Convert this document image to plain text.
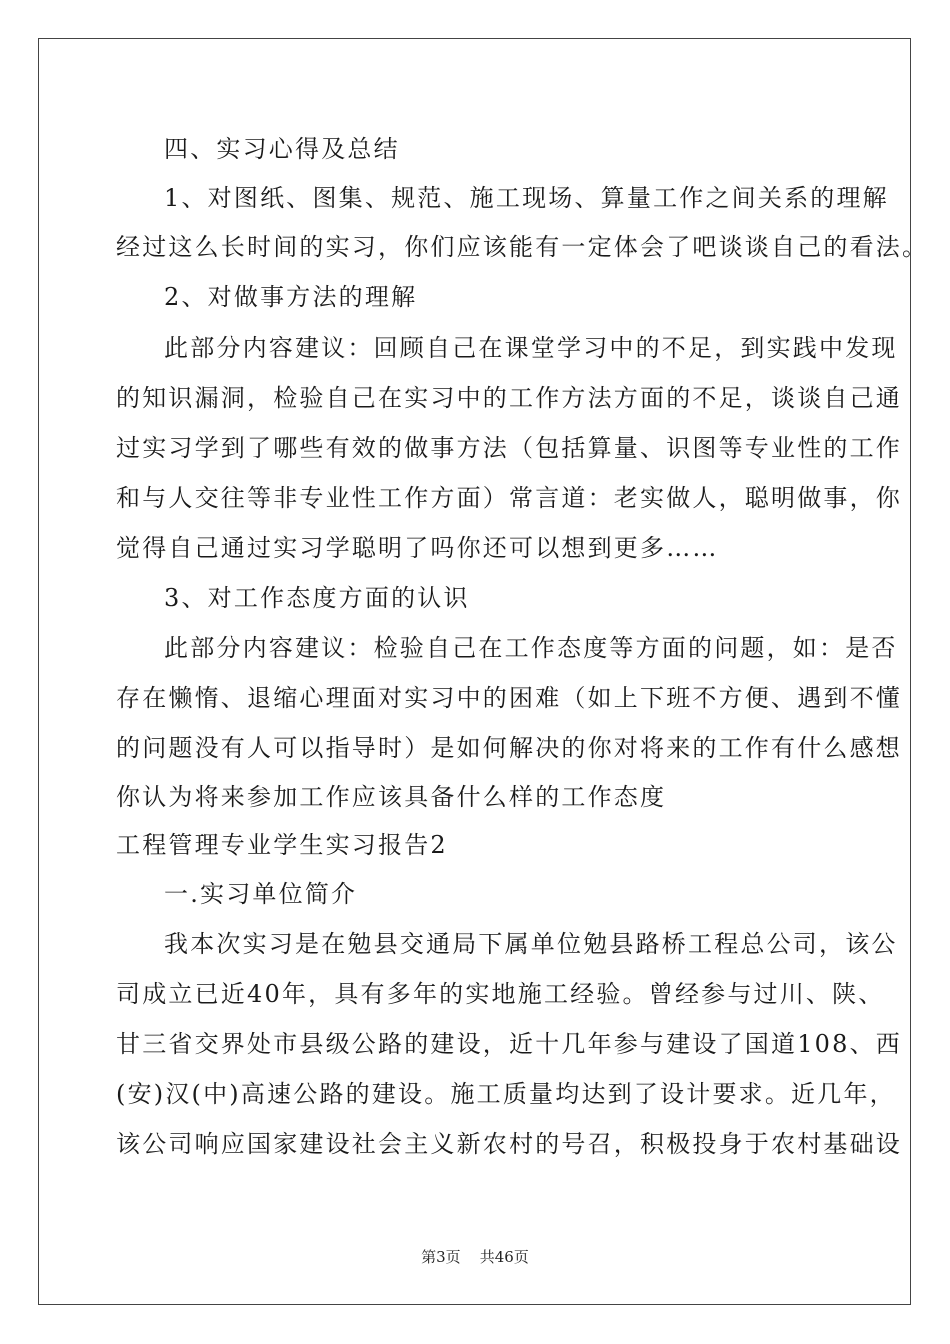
四、实习心得及总结
1、对图纸、图集、规范、施工现场、算量工作之间关系的理解
经过这么长时间的实习，你们应该能有一定体会了吧谈谈自己的看法。
2、对做事方法的理解
此部分内容建议：回顾自己在课堂学习中的不足，到实践中发现
的知识漏洞，检验自己在实习中的工作方法方面的不足，谈谈自己通
过实习学到了哪些有效的做事方法（包括算量、识图等专业性的工作
和与人交往等非专业性工作方面）常言道：老实做人，聪明做事，你
觉得自己通过实习学聪明了吗你还可以想到更多……
3、对工作态度方面的认识
此部分内容建议：检验自己在工作态度等方面的问题，如：是否
存在懒惰、退缩心理面对实习中的困难（如上下班不方便、遇到不懂
的问题没有人可以指导时）是如何解决的你对将来的工作有什么感想
你认为将来参加工作应该具备什么样的工作态度
工程管理专业学生实习报告2
一.实习单位简介
我本次实习是在勉县交通局下属单位勉县路桥工程总公司，该公
司成立已近40年，具有多年的实地施工经验。曾经参与过川、陕、
甘三省交界处市县级公路的建设，近十几年参与建设了国道108、西
(安)汉(中)高速公路的建设。施工质量均达到了设计要求。近几年，
该公司响应国家建设社会主义新农村的号召，积极投身于农村基础设
第3页    共46页
